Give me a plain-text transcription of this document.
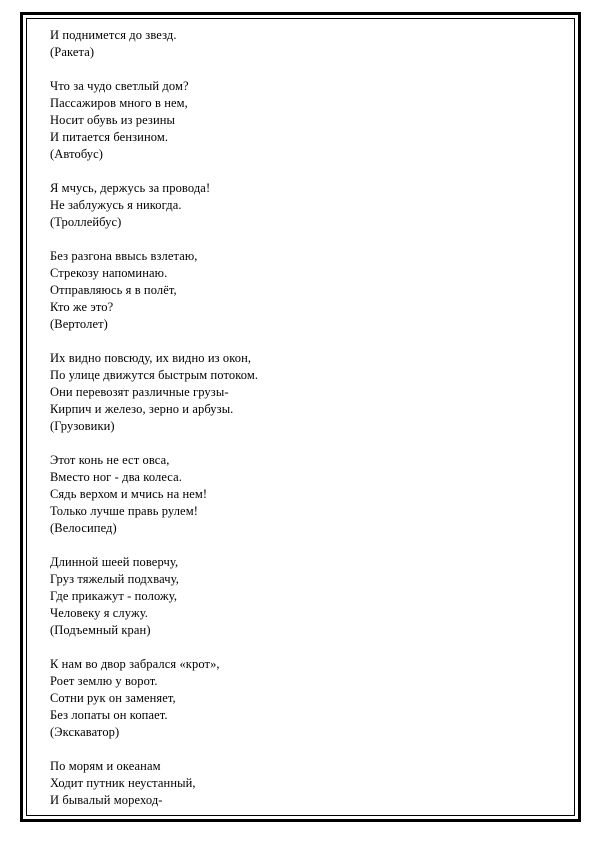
И поднимется до звезд.
(Ракета)
Что за чудо светлый дом?
Пассажиров много в нем,
Носит обувь из резины
И питается бензином.
(Автобус)
Я мчусь, держусь за провода!
Не заблужусь я никогда.
(Троллейбус)
Без разгона ввысь взлетаю,
Стрекозу напоминаю.
Отправляюсь я в полёт,
Кто же это?
(Вертолет)
Их видно повсюду, их видно из окон,
По улице движутся быстрым потоком.
Они перевозят различные грузы-
Кирпич и железо, зерно и арбузы.
(Грузовики)
Этот конь не ест овса,
Вместо ног - два колеса.
Сядь верхом и мчись на нем!
Только лучше правь рулем!
(Велосипед)
Длинной шеей поверчу,
Груз тяжелый подхвачу,
Где прикажут - положу,
Человеку я служу.
(Подъемный кран)
К нам во двор забрался «крот»,
Роет землю у ворот.
Сотни рук он заменяет,
Без лопаты он копает.
(Экскаватор)
По морям и океанам
Ходит путник неустанный,
И бывалый мореход-
